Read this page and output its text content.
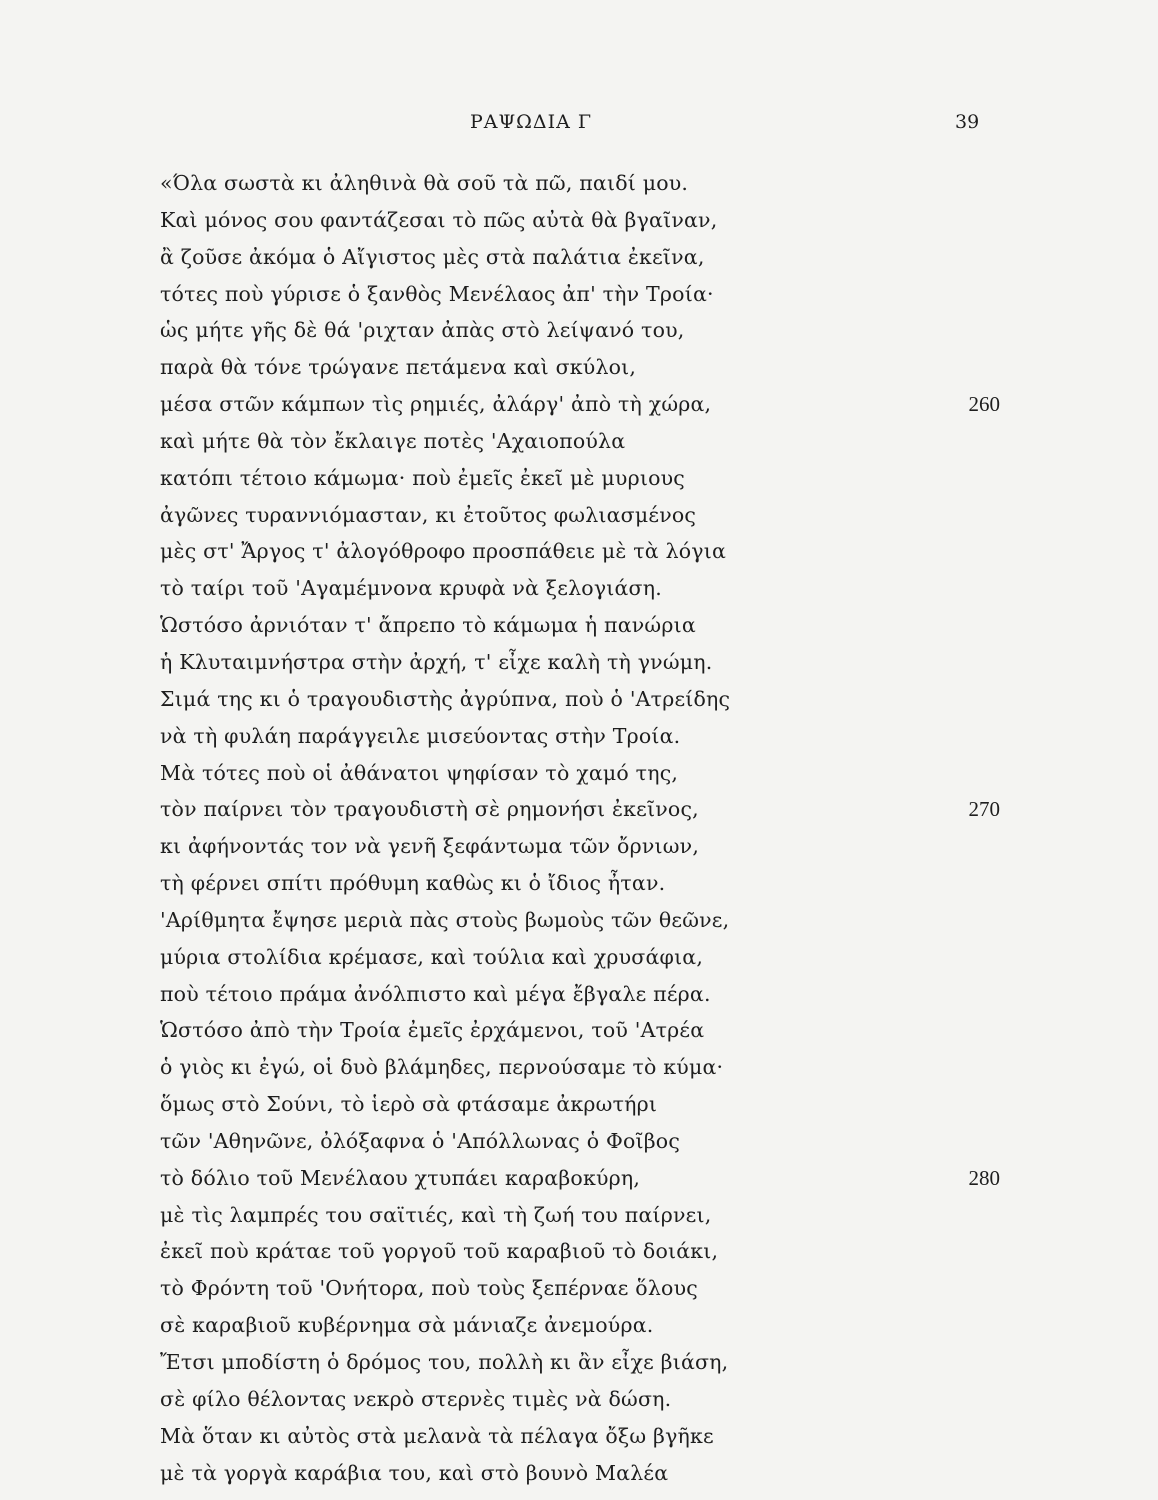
ΡΑΨΩΔΙΑ Γ	39
«Όλα σωστὰ κι ἀληθινὰ θὰ σοῦ τὰ πῶ, παιδί μου.
Καὶ μόνος σου φαντάζεσαι τὸ πῶς αὐτὰ θὰ βγαῖναν,
ἂ ζοῦσε ἀκόμα ὁ Αἴγιστος μὲς στὰ παλάτια ἐκεῖνα,
τότες ποὺ γύρισε ὁ ξανθὸς Μενέλαος ἀπ' τὴν Τροία·
ὡς μήτε γῆς δὲ θά 'ριχταν ἀπὰς στὸ λείψανό του,
παρὰ θὰ τόνε τρώγανε πετάμενα καὶ σκύλοι,
μέσα στῶν κάμπων τὶς ρημιές, ἀλάργ' ἀπὸ τὴ χώρα,	260
καὶ μήτε θὰ τὸν ἔκλαιγε ποτὲς 'Αχαιοπούλα
κατόπι τέτοιο κάμωμα· ποὺ ἐμεῖς ἐκεῖ μὲ μυριους
ἀγῶνες τυραννιόμασταν, κι ἐτοῦτος φωλιασμένος
μὲς στ' Ἄργος τ' ἀλογόθροφο προσπάθειε μὲ τὰ λόγια
τὸ ταίρι τοῦ 'Αγαμέμνονα κρυφὰ νὰ ξελογιάση.
Ὡστόσο ἀρνιόταν τ' ἄπρεπο τὸ κάμωμα ἡ πανώρια
ἡ Κλυταιμνήστρα στὴν ἀρχή, τ' εἶχε καλὴ τὴ γνώμη.
Σιμά της κι ὁ τραγουδιστὴς ἀγρύπνα, ποὺ ὁ 'Ατρείδης
νὰ τὴ φυλάη παράγγειλε μισεύοντας στὴν Τροία.
Μὰ τότες ποὺ οἱ ἀθάνατοι ψηφίσαν τὸ χαμό της,
τὸν παίρνει τὸν τραγουδιστὴ σὲ ρημονήσι ἐκεῖνος,	270
κι ἀφήνοντάς τον νὰ γενῆ ξεφάντωμα τῶν ὄρνιων,
τὴ φέρνει σπίτι πρόθυμη καθὼς κι ὁ ἴδιος ἦταν.
'Αρίθμητα ἔψησε μεριὰ πὰς στοὺς βωμοὺς τῶν θεῶνε,
μύρια στολίδια κρέμασε, καὶ τούλια καὶ χρυσάφια,
ποὺ τέτοιο πράμα ἀνόλπιστο καὶ μέγα ἔβγαλε πέρα.
Ὡστόσο ἀπὸ τὴν Τροία ἐμεῖς ἐρχάμενοι, τοῦ 'Ατρέα
ὁ γιὸς κι ἐγώ, οἱ δυὸ βλάμηδες, περνούσαμε τὸ κύμα·
ὅμως στὸ Σούνι, τὸ ἱερὸ σὰ φτάσαμε ἀκρωτήρι
τῶν 'Αθηνῶνε, ὀλόξαφνα ὁ 'Απόλλωνας ὁ Φοῖβος
τὸ δόλιο τοῦ Μενέλαου χτυπάει καραβοκύρη,	280
μὲ τὶς λαμπρές του σαϊτιές, καὶ τὴ ζωή του παίρνει,
ἐκεῖ ποὺ κράταε τοῦ γοργοῦ τοῦ καραβιοῦ τὸ δοιάκι,
τὸ Φρόντη τοῦ 'Ονήτορα, ποὺ τοὺς ξεπέρναε ὅλους
σὲ καραβιοῦ κυβέρνημα σὰ μάνιαζε ἀνεμούρα.
Ἔτσι μποδίστη ὁ δρόμος του, πολλὴ κι ἂν εἶχε βιάση,
σὲ φίλο θέλοντας νεκρὸ στερνὲς τιμὲς νὰ δώση.
Μὰ ὅταν κι αὐτὸς στὰ μελανὰ τὰ πέλαγα ὄξω βγῆκε
μὲ τὰ γοργὰ καράβια του, καὶ στὸ βουνὸ Μαλέα
